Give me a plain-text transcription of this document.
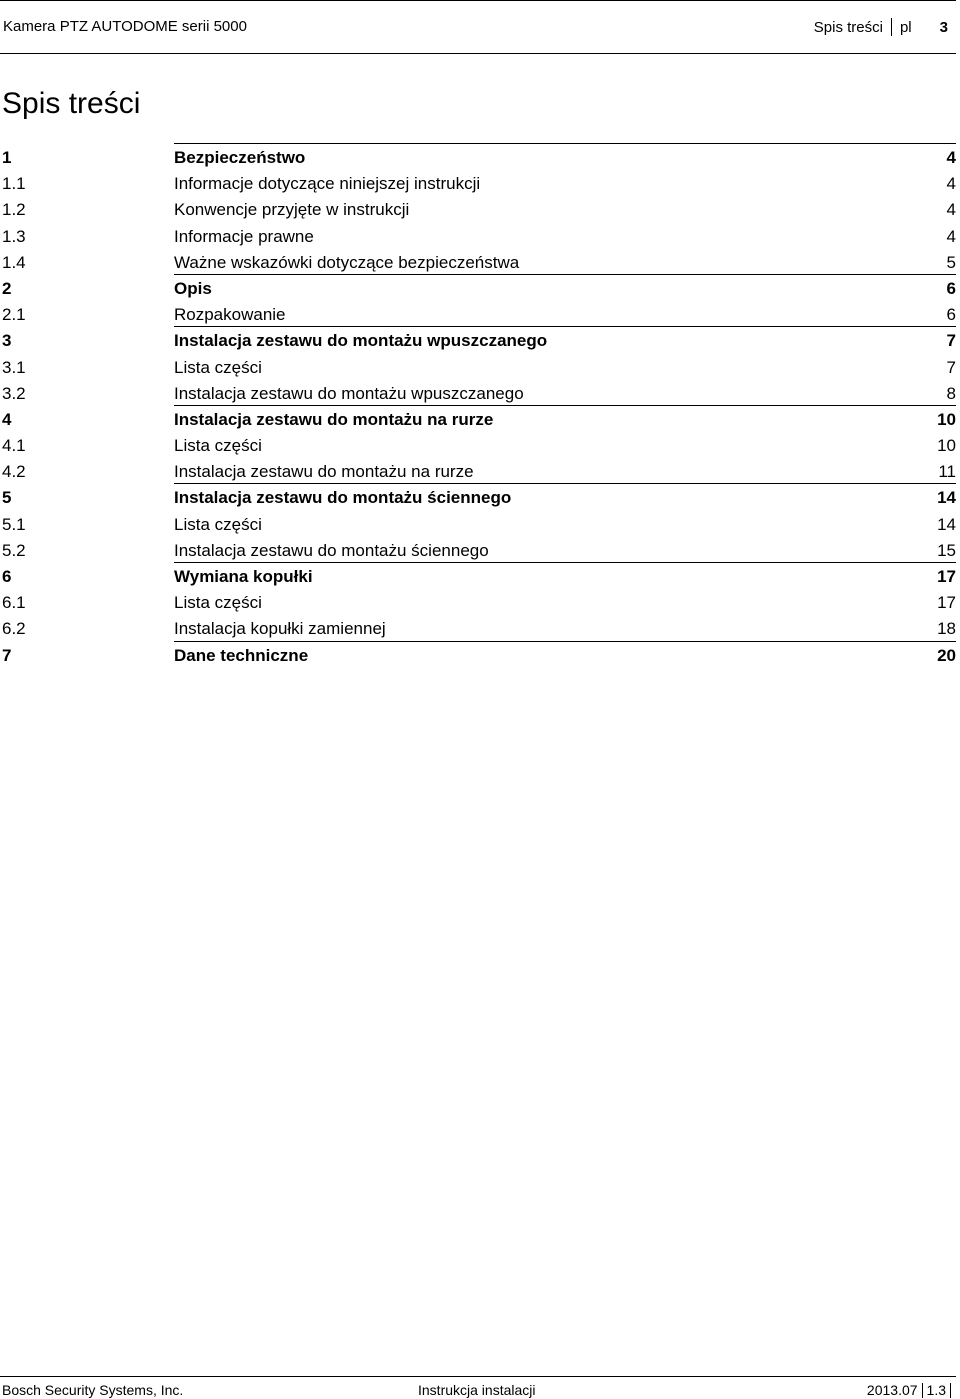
Kamera PTZ AUTODOME serii 5000	Spis treści pl 3
Spis treści
1	Bezpieczeństwo	4
1.1	Informacje dotyczące niniejszej instrukcji	4
1.2	Konwencje przyjęte w instrukcji	4
1.3	Informacje prawne	4
1.4	Ważne wskazówki dotyczące bezpieczeństwa	5
2	Opis	6
2.1	Rozpakowanie	6
3	Instalacja zestawu do montażu wpuszczanego	7
3.1	Lista części	7
3.2	Instalacja zestawu do montażu wpuszczanego	8
4	Instalacja zestawu do montażu na rurze	10
4.1	Lista części	10
4.2	Instalacja zestawu do montażu na rurze	11
5	Instalacja zestawu do montażu ściennego	14
5.1	Lista części	14
5.2	Instalacja zestawu do montażu ściennego	15
6	Wymiana kopułki	17
6.1	Lista części	17
6.2	Instalacja kopułki zamiennej	18
7	Dane techniczne	20
Bosch Security Systems, Inc.	Instrukcja instalacji	2013.07 1.3
